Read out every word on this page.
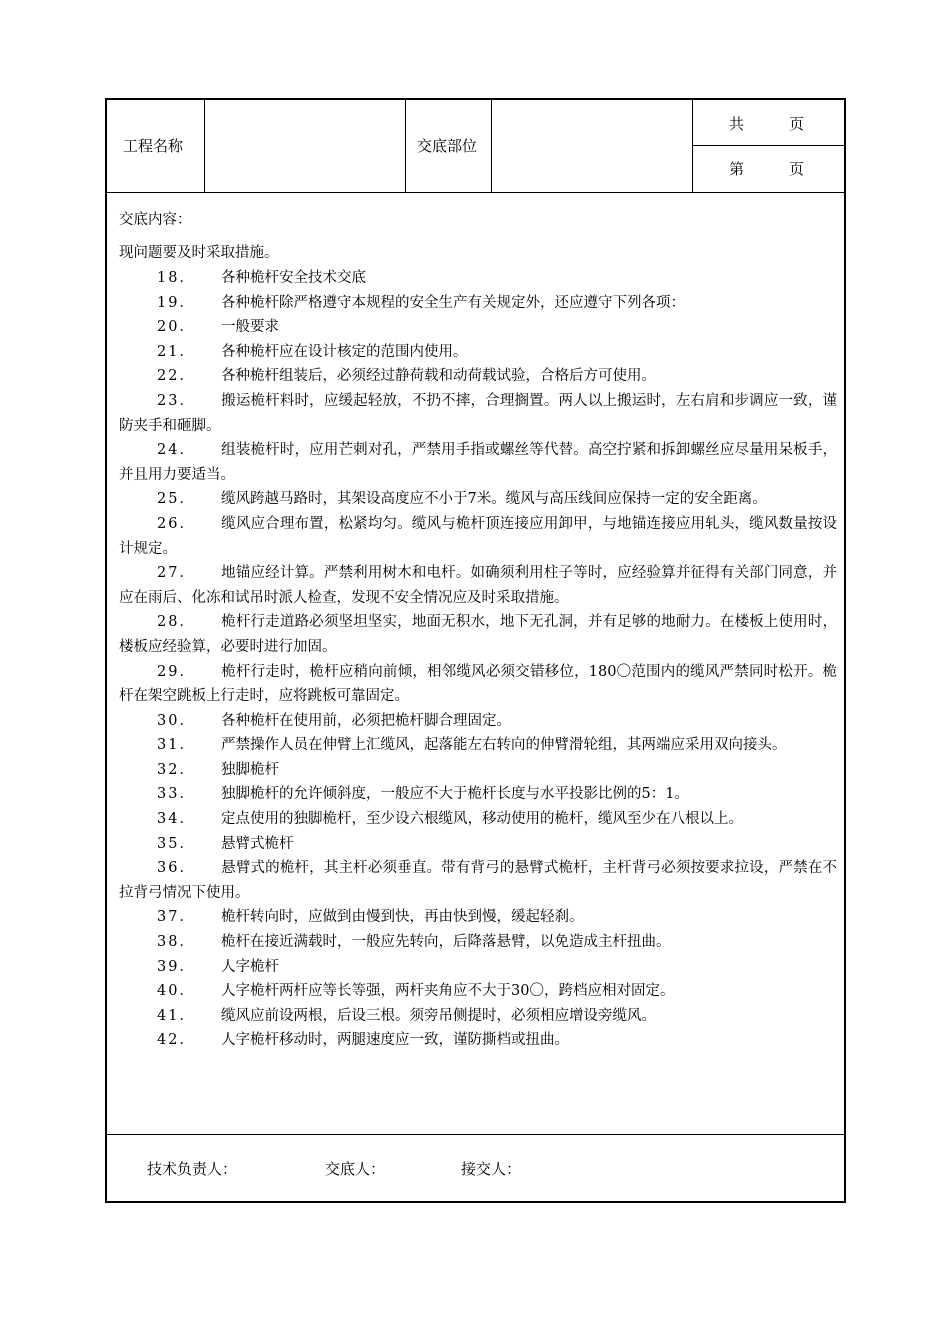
工程名称	交底部位
共　　　页
第　　　页
交底内容：
现问题要及时采取措施。
18． 各种桅杆安全技术交底
19． 各种桅杆除严格遵守本规程的安全生产有关规定外，还应遵守下列各项：
20． 一般要求
21． 各种桅杆应在设计核定的范围内使用。
22． 各种桅杆组装后，必须经过静荷载和动荷载试验，合格后方可使用。
23． 搬运桅杆料时，应缓起轻放，不扔不摔，合理搁置。两人以上搬运时，左右肩和步调应一致，谨防夹手和砸脚。
24． 组装桅杆时，应用芒刺对孔，严禁用手指或螺丝等代替。高空拧紧和拆卸螺丝应尽量用呆板手，并且用力要适当。
25． 缆风跨越马路时，其架设高度应不小于7米。缆风与高压线间应保持一定的安全距离。
26． 缆风应合理布置，松紧均匀。缆风与桅杆顶连接应用卸甲，与地锚连接应用轧头，缆风数量按设计规定。
27． 地锚应经计算。严禁利用树木和电杆。如确须利用柱子等时，应经验算并征得有关部门同意，并应在雨后、化冻和试吊时派人检查，发现不安全情况应及时采取措施。
28． 桅杆行走道路必须坚坦坚实，地面无积水，地下无孔洞，并有足够的地耐力。在楼板上使用时，楼板应经验算，必要时进行加固。
29． 桅杆行走时，桅杆应稍向前倾，相邻缆风必须交错移位，180〇范围内的缆风严禁同时松开。桅杆在架空跳板上行走时，应将跳板可靠固定。
30． 各种桅杆在使用前，必须把桅杆脚合理固定。
31． 严禁操作人员在伸臂上汇缆风，起落能左右转向的伸臂滑轮组，其两端应采用双向接头。
32． 独脚桅杆
33． 独脚桅杆的允许倾斜度，一般应不大于桅杆长度与水平投影比例的5：1。
34． 定点使用的独脚桅杆，至少设六根缆风，移动使用的桅杆，缆风至少在八根以上。
35． 悬臂式桅杆
36． 悬臂式的桅杆，其主杆必须垂直。带有背弓的悬臂式桅杆，主杆背弓必须按要求拉设，严禁在不拉背弓情况下使用。
37． 桅杆转向时，应做到由慢到快，再由快到慢，缓起轻刹。
38． 桅杆在接近满载时，一般应先转向，后降落悬臂，以免造成主杆扭曲。
39． 人字桅杆
40． 人字桅杆两杆应等长等强，两杆夹角应不大于30〇，跨档应相对固定。
41． 缆风应前设两根，后设三根。须旁吊侧提时，必须相应增设旁缆风。
42． 人字桅杆移动时，两腿速度应一致，谨防撕档或扭曲。
技术负责人：	交底人：	接交人：
